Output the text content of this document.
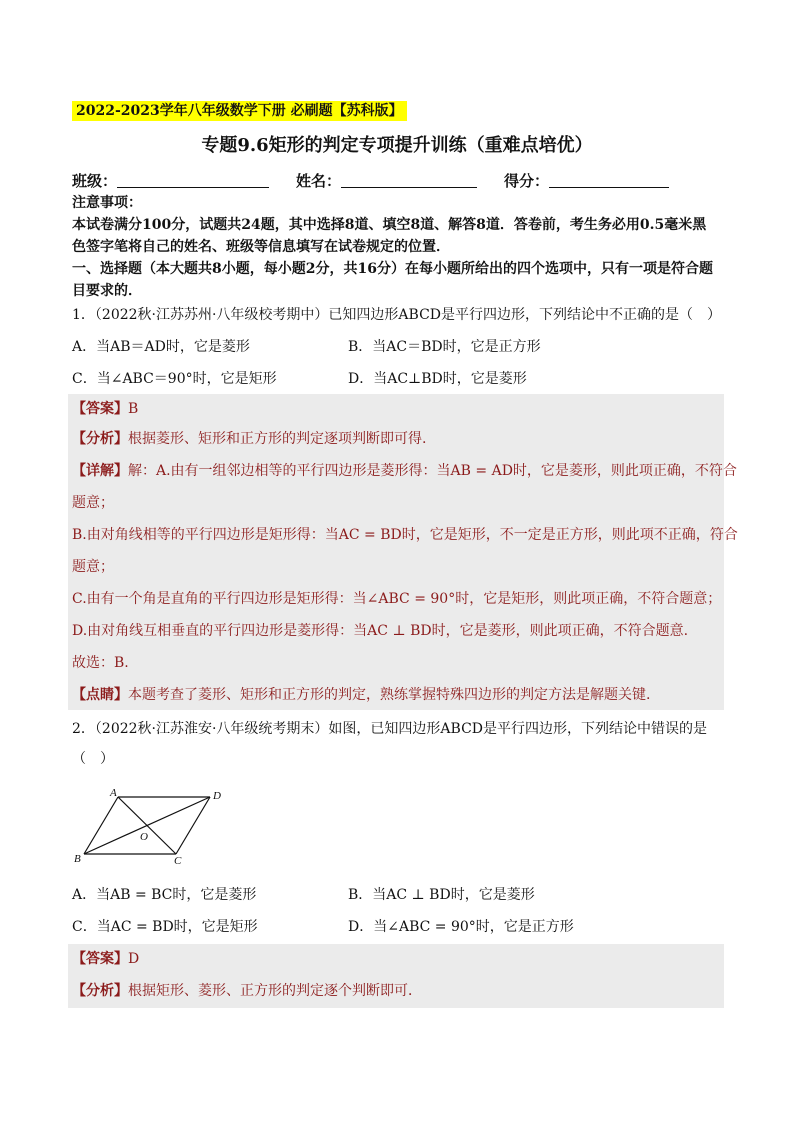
2022-2023学年八年级数学下册 必刷题【苏科版】
专题9.6矩形的判定专项提升训练（重难点培优）
班级：	姓名：	得分：
注意事项：
本试卷满分100分，试题共24题，其中选择8道、填空8道、解答8道．答卷前，考生务必用0.5毫米黑
色签字笔将自己的姓名、班级等信息填写在试卷规定的位置．
一、选择题（本大题共8小题，每小题2分，共16分）在每小题所给出的四个选项中，只有一项是符合题
目要求的．
1．（2022秋·江苏苏州·八年级校考期中）已知四边形ABCD是平行四边形，下列结论中不正确的是（　）
A．当AB＝AD时，它是菱形	B．当AC＝BD时，它是正方形
C．当∠ABC＝90°时，它是矩形	D．当AC⊥BD时，它是菱形
【答案】B
【分析】根据菱形、矩形和正方形的判定逐项判断即可得.
【详解】解：A.由有一组邻边相等的平行四边形是菱形得：当AB = AD时，它是菱形，则此项正确，不符合
题意；
B.由对角线相等的平行四边形是矩形得：当AC = BD时，它是矩形，不一定是正方形，则此项不正确，符合
题意；
C.由有一个角是直角的平行四边形是矩形得：当∠ABC = 90°时，它是矩形，则此项正确，不符合题意；
D.由对角线互相垂直的平行四边形是菱形得：当AC ⊥ BD时，它是菱形，则此项正确，不符合题意.
故选：B.
【点睛】本题考查了菱形、矩形和正方形的判定，熟练掌握特殊四边形的判定方法是解题关键.
2．（2022秋·江苏淮安·八年级统考期末）如图，已知四边形ABCD是平行四边形，下列结论中错误的是
（　）
A
B	C
D
O
A．当AB = BC时，它是菱形	B．当AC ⊥ BD时，它是菱形
C．当AC = BD时，它是矩形	D．当∠ABC = 90°时，它是正方形
【答案】D
【分析】根据矩形、菱形、正方形的判定逐个判断即可．
